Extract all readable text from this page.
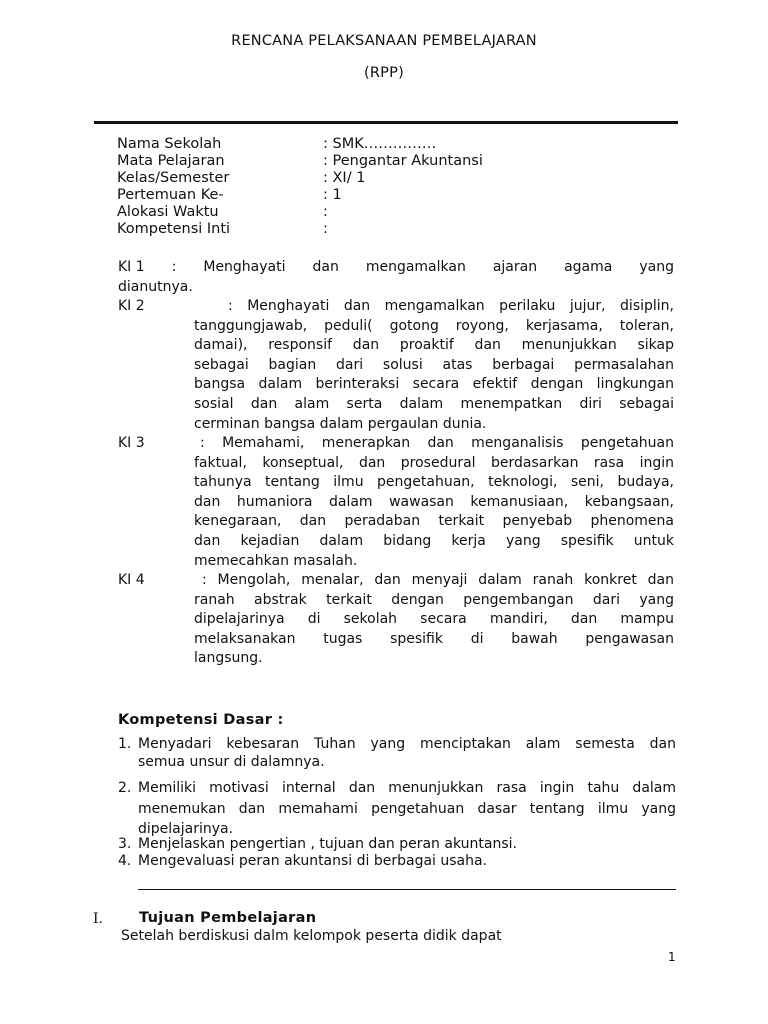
RENCANA PELAKSANAAN PEMBELAJARAN
(RPP)
Nama Sekolah	: SMK……………
Mata Pelajaran	: Pengantar Akuntansi
Kelas/Semester	: XI/ 1
Pertemuan Ke-	: 1
Alokasi Waktu	:
Kompetensi Inti	:
KI 1 : Menghayati dan mengamalkan ajaran agama yang
dianutnya.
KI 2	: Menghayati dan mengamalkan perilaku jujur, disiplin,
tanggungjawab, peduli( gotong royong, kerjasama, toleran,
damai), responsif dan proaktif dan menunjukkan sikap
sebagai bagian dari solusi atas berbagai permasalahan
bangsa dalam berinteraksi secara efektif dengan lingkungan
sosial dan alam serta dalam menempatkan diri sebagai
cerminan bangsa dalam pergaulan dunia.
KI 3	: Memahami, menerapkan dan menganalisis pengetahuan
faktual, konseptual, dan prosedural berdasarkan rasa ingin
tahunya tentang ilmu pengetahuan, teknologi, seni, budaya,
dan humaniora dalam wawasan kemanusiaan, kebangsaan,
kenegaraan, dan peradaban terkait penyebab phenomena
dan kejadian dalam bidang kerja yang spesifik untuk
memecahkan masalah.
KI 4	: Mengolah, menalar, dan menyaji dalam ranah konkret dan
ranah abstrak terkait dengan pengembangan dari yang
dipelajarinya di sekolah secara mandiri, dan mampu
melaksanakan tugas spesifik di bawah pengawasan
langsung.
Kompetensi Dasar :
1. Menyadari kebesaran Tuhan yang menciptakan alam semesta dan
semua unsur di dalamnya.
2. Memiliki motivasi internal dan menunjukkan rasa ingin tahu dalam
menemukan dan memahami pengetahuan dasar tentang ilmu yang
dipelajarinya.
3. Menjelaskan pengertian , tujuan dan peran akuntansi.
4. Mengevaluasi peran akuntansi di berbagai usaha.
I. Tujuan Pembelajaran
Setelah berdiskusi dalm kelompok peserta didik dapat
1
